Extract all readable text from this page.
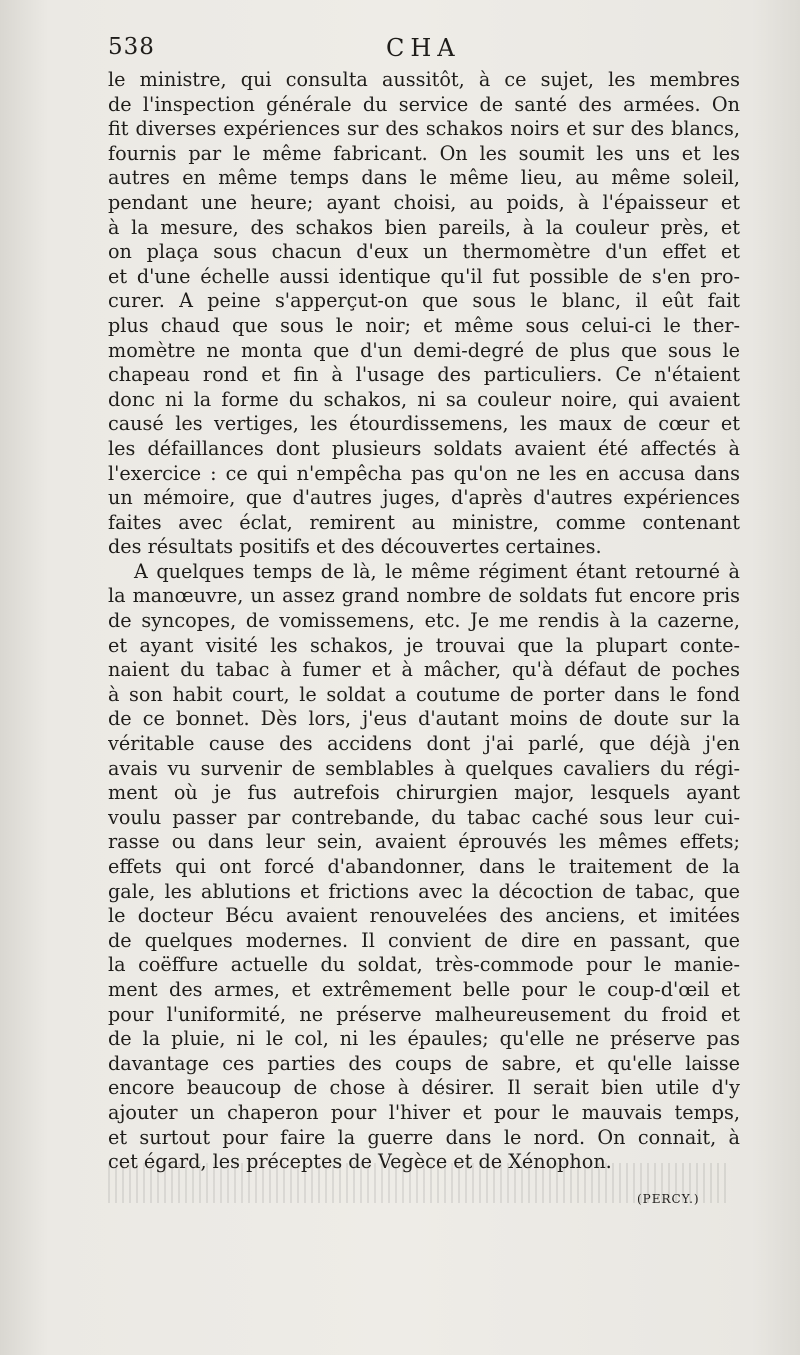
538	CHA
le ministre, qui consulta aussitôt, à ce sujet, les membres
de l'inspection générale du service de santé des armées. On
fit diverses expériences sur des schakos noirs et sur des blancs,
fournis par le même fabricant. On les soumit les uns et les
autres en même temps dans le même lieu, au même soleil,
pendant une heure; ayant choisi, au poids, à l'épaisseur et
à la mesure, des schakos bien pareils, à la couleur près, et
on plaça sous chacun d'eux un thermomètre d'un effet et
et d'une échelle aussi identique qu'il fut possible de s'en pro-
curer. A peine s'apperçut-on que sous le blanc, il eût fait
plus chaud que sous le noir; et même sous celui-ci le ther-
momètre ne monta que d'un demi-degré de plus que sous le
chapeau rond et fin à l'usage des particuliers. Ce n'étaient
donc ni la forme du schakos, ni sa couleur noire, qui avaient
causé les vertiges, les étourdissemens, les maux de cœur et
les défaillances dont plusieurs soldats avaient été affectés à
l'exercice : ce qui n'empêcha pas qu'on ne les en accusa dans
un mémoire, que d'autres juges, d'après d'autres expériences
faites avec éclat, remirent au ministre, comme contenant
des résultats positifs et des découvertes certaines.
A quelques temps de là, le même régiment étant retourné à
la manœuvre, un assez grand nombre de soldats fut encore pris
de syncopes, de vomissemens, etc. Je me rendis à la cazerne,
et ayant visité les schakos, je trouvai que la plupart conte-
naient du tabac à fumer et à mâcher, qu'à défaut de poches
à son habit court, le soldat a coutume de porter dans le fond
de ce bonnet. Dès lors, j'eus d'autant moins de doute sur la
véritable cause des accidens dont j'ai parlé, que déjà j'en
avais vu survenir de semblables à quelques cavaliers du régi-
ment où je fus autrefois chirurgien major, lesquels ayant
voulu passer par contrebande, du tabac caché sous leur cui-
rasse ou dans leur sein, avaient éprouvés les mêmes effets;
effets qui ont forcé d'abandonner, dans le traitement de la
gale, les ablutions et frictions avec la décoction de tabac, que
le docteur Bécu avaient renouvelées des anciens, et imitées
de quelques modernes. Il convient de dire en passant, que
la coëffure actuelle du soldat, très-commode pour le manie-
ment des armes, et extrêmement belle pour le coup-d'œil et
pour l'uniformité, ne préserve malheureusement du froid et
de la pluie, ni le col, ni les épaules; qu'elle ne préserve pas
davantage ces parties des coups de sabre, et qu'elle laisse
encore beaucoup de chose à désirer. Il serait bien utile d'y
ajouter un chaperon pour l'hiver et pour le mauvais temps,
et surtout pour faire la guerre dans le nord. On connait, à
cet égard, les préceptes de Vegèce et de Xénophon.
(PERCY.)
